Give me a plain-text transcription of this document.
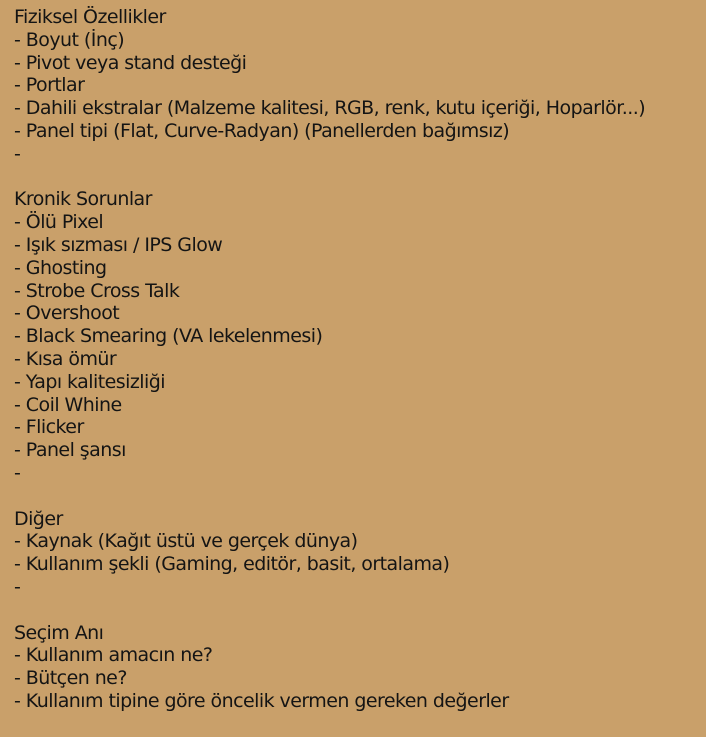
Fiziksel Özellikler
- Boyut (İnç)
- Pivot veya stand desteği
- Portlar
- Dahili ekstralar (Malzeme kalitesi, RGB, renk, kutu içeriği, Hoparlör...)
- Panel tipi (Flat, Curve-Radyan) (Panellerden bağımsız)
-
Kronik Sorunlar
- Ölü Pixel
- Işık sızması / IPS Glow
- Ghosting
- Strobe Cross Talk
- Overshoot
- Black Smearing (VA lekelenmesi)
- Kısa ömür
- Yapı kalitesizliği
- Coil Whine
- Flicker
- Panel şansı
-
Diğer
- Kaynak (Kağıt üstü ve gerçek dünya)
- Kullanım şekli (Gaming, editör, basit, ortalama)
-
Seçim Anı
- Kullanım amacın ne?
- Bütçen ne?
- Kullanım tipine göre öncelik vermen gereken değerler
